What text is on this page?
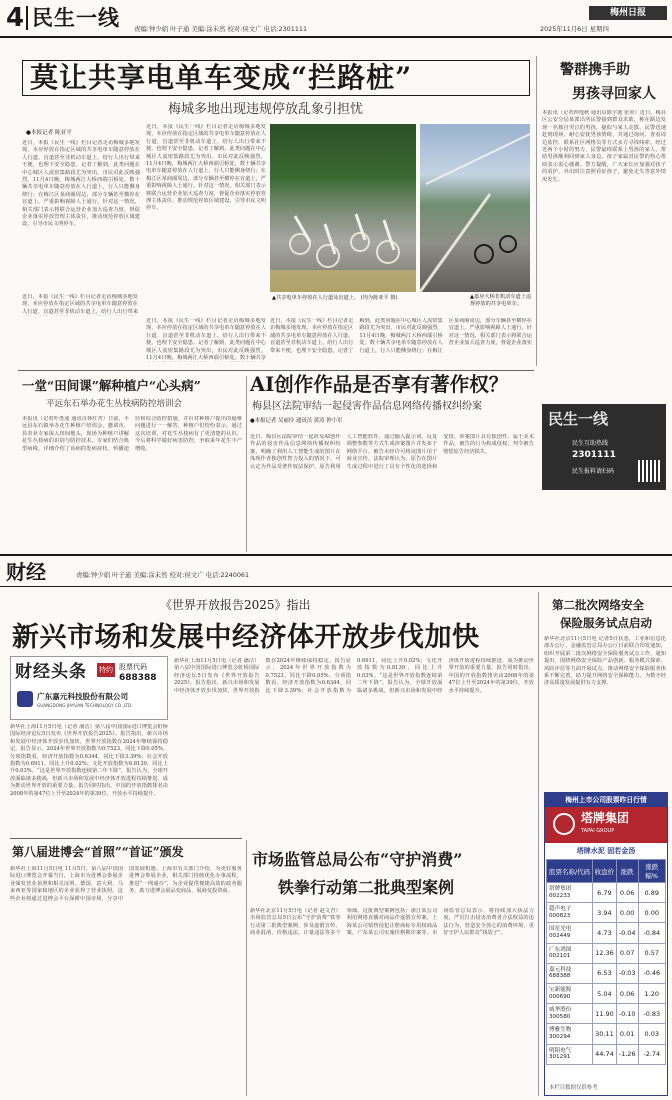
4 民生一线 责编:钟少娟 叶子通 美编:涂未然 校对:侯文广 电话:2301111	2025年11月6日 星期四
梅州日报
莫让共享电单车变成“拦路桩”
梅城多地出现违规停放乱象引担忧
●本报记者 陈亚平
近日，本报《民生一线》栏目记者走访梅城多地发现，本应停放在指定区域的共享电单车随意停放在人行道、盲道甚至非机动车道上，给行人出行带来不便，也埋下安全隐患。记者了解到，此类问题在中心城区人流密集路段尤为突出，市民对此反映强烈。11月4日晚，梅城两江大桥西端引桥处，数十辆共享电单车随意停放在人行道上，行人只能侧身绕行；在梅江区某商圈周边，部分车辆甚至横停在盲道上，严重影响视障人士通行。针对这一情况，相关部门表示将联合运营企业加大巡查力度，督促企业落实停放管理主体责任，推动规范停放区域建设，引导市民文明停车。
近日，本报《民生一线》栏目记者走访梅城多地发现，本应停放在指定区域的共享电单车随意停放在人行道、盲道甚至非机动车道上，给行人出行带来不便，也埋下安全隐患。记者了解到，此类问题在中心城区人流密集路段尤为突出，市民对此反映强烈。11月4日晚，梅城两江大桥西端引桥处，数十辆共享电单车随意停放在人行道上，行人只能侧身绕行；在梅江区某商圈周边，部分车辆甚至横停在盲道上，严重影响视障人士通行。针对这一情况，相关部门表示将联合运营企业加大巡查力度，督促企业落实停放管理主体责任，推动规范停放区域建设，引导市民文明停车。
近日，本报《民生一线》栏目记者走访梅城多地发现，本应停放在指定区域的共享电单车随意停放在人行道、盲道甚至非机动车道上，给行人出行带来
▲共享电单车停放在人行道及盲道上。 (均为陈亚平 摄)	▲嘉应大桥非机动车道上违规停放的共享电单车。
近日，本报《民生一线》栏目记者走访梅城多地发现，本应停放在指定区域的共享电单车随意停放在人行道、盲道甚至非机动车道上，给行人出行带来不便，也埋下安全隐患。记者了解到，此类问题在中心城区人流密集路段尤为突出，市民对此反映强烈。11月4日晚，梅城两江大桥西端引桥处，数十辆共享电单车随意停放在人行道上，行人只能侧身绕行；在梅江区某商圈周边，部分车辆甚至横停在盲道上，严重影响视障人士通行。针对这一情况，相关部门表示将联合运营企业加大巡查力度，督促企业落实
近日，本报《民生一线》栏目记者走访梅城多地发现，本应停放在指定区域的共享电单车随意停放在人行道、盲道甚至非机动车道上，给行人出行带来不便，也埋下安全隐患。记者了解到，此类问题在中心城区人流密集路段尤为突出，市民对此反映强烈。11月4日晚，梅城两江大桥西端引桥处，数十辆共享
警群携手助
男孩寻回家人
本报讯（记者钟逸秋 通讯员陈宇迪 张彤）近日，梅县区公安分局某派出所民警接到群众求助，称在路边发现一名独自哭泣的男孩，疑似与家人走散。民警迅速赶到现场，耐心安抚男孩情绪，并通过询问、查看周边监控、联系社区网格员等方式多方寻找线索。经过近两个小时的努力，民警最终联系上男孩的家人，帮助男孩顺利回到家人身边。孩子家属对民警的热心帮助表示衷心感谢。警方提醒，广大家长应加强对孩子的看护，外出时注意照看好孩子，避免走失等意外情况发生。
民生一线
民生互助热线
2301111
民生报料请扫码
一堂“田间课”解种植户“心头病”
平远东石举办花生丛枝病防控培训会
本报讯（记者叶勇通 通讯员林红青）日前，平远县东石镇举办花生种植户培训会，邀请市、县农业专家深入田间地头，现场为种植户讲解花生丛枝病的识别与防控技术。专家们结合典型病株，详细介绍了该病的发病症状、传播途径和综合防控措施，并针对种植户提出的疑难问题进行一一解答。种植户们纷纷表示，通过这次培训，对花生丛枝病有了更清楚的认识，今后将科学做好病害防控，争取来年花生丰产增收。
AI创作作品是否享有著作权？
梅县区法院审结一起侵害作品信息网络传播权纠纷案
●本报记者 吴丽玲 通讯员 黄涛 钟小军
近日，梅县区法院审结一起涉及AI创作作品的侵害作品信息网络传播权纠纷案，明确了利用人工智能生成的图片在体现作者独创性智力投入的情况下，可认定为作品受著作权法保护。原告利用人工智能软件，通过输入提示词、反复调整参数等方式生成涉案图片并发布于网络平台。被告未经许可将该图片用于商业宣传。法院审理认为，原告在图片生成过程中进行了具有个性化的选择和安排，涉案图片具有独创性，属于美术作品，被告的行为构成侵权，判令被告赔偿原告经济损失。
财经	责编:钟少娟 叶子通 美编:涂未然 校对:侯文广 电话:2240061
《世界开放报告2025》指出
新兴市场和发展中经济体开放步伐加快
财经头条 特约 股票代码
688388
广东嘉元科技股份有限公司
GUANGDONG JIAYUAN TECHNOLOGY CO.,LTD.
新华社上海11月5日电（记者 潘洁）第八届中国国际进口博览会虹桥国际经济论坛5日发布《世界开放报告2025》。报告指出，新兴市场和发展中经济体开放步伐加快，世界开放指数在2024年继续保持稳定。报告显示，2024年世界开放指数为0.7523，同比下降0.05%。分项指数看，经济开放指数为0.6344，同比下降3.39%；社会开放指数为0.6911，同比上升0.02%；文化开放指数为0.8139，同比上升0.03%。“这是世界开放指数连续第二年下降”，报告认为，全球开放面临诸多挑战，但新兴市场和发展中经济体开放进程持续推进，成为推动世界开放的重要力量。报告同时指出，中国的开放指数排名由2008年的第47位上升至2024年的第39位，开放水平持续提升。
新华社上海11月5日电（记者 潘洁）第八届中国国际进口博览会虹桥国际经济论坛5日发布《世界开放报告2025》。报告指出，新兴市场和发展中经济体开放步伐加快，世界开放指数在2024年继续保持稳定。报告显示，2024年世界开放指数为0.7523，同比下降0.05%。分项指数看，经济开放指数为0.6344，同比下降3.39%；社会开放指数为0.6911，同比上升0.02%；文化开放指数为0.8139，同比上升0.03%。“这是世界开放指数连续第二年下降”，报告认为，全球开放面临诸多挑战，但新兴市场和发展中经济体开放进程持续推进，成为推动世界开放的重要力量。报告同时指出，中国的开放指数排名由2008年的第47位上升至2024年的第39位，开放水平持续提升。
第八届进博会“首照”“首证”颁发
新华社上海11月5日电 11月5日，第八届中国国际进口博览会开幕当日，上海市为进博会参展企业颁发营业执照和相关证照。德国、意大利、马来西亚等国家和地区的企业获得了营业执照。这些企业将通过进博会平台深耕中国市场，分享中国发展机遇。上海市有关部门介绍，为更好服务进博会参展企业，相关部门持续优化办事流程，推进“一网通办”，为企业提供便捷高效的政务服务，助力进博会展品变商品、展商变投资商。
市场监管总局公布“守护消费”
铁拳行动第二批典型案例
新华社北京11月5日电（记者 赵文君）市场监管总局5日公布“守护消费”铁拳行动第二批典型案例，涉及虚假宣传、商业混淆、价格违法、计量违法等多个领域。这批典型案例包括：浙江某公司利用网络直播对商品作虚假宣传案，上海某公司销售侵犯注册商标专用权商品案，广东某公司实施价格欺诈案等。市场监管总局表示，将持续加大执法力度，严厉打击侵害消费者合法权益的违法行为，营造安全放心的消费环境，更好守护人民群众“钱袋子”。
第二批次网络安全
保险服务试点启动
新华社北京11月5日电 记者5日获悉，工业和信息化部办公厅、金融监管总局办公厅日前联合印发通知，组织开展第二批次网络安全保险服务试点工作。通知提出，围绕网络安全保险产品创新、服务模式探索、风险评估等方面开展试点，推动网络安全保险服务体系不断完善，助力提升网络安全保障能力，为数字经济高质量发展提供有力支撑。
梅州上市公司股票昨日行情
塔牌集团
TAPAI GROUP
塔牌水泥 固若金汤
股票名称/代码	收盘价	涨跌	涨跌幅%
塔牌集团 002233	6.79	0.06	0.89
超声电子 000823	3.94	0.00	0.00
国星光电 002449	4.73	-0.04	-0.84
广东鸿图 002101	12.36	0.07	0.57
嘉元科技 688388	6.53	-0.03	-0.46
宝新能源 000690	5.04	0.06	1.20
威华股份 300580	11.90	-0.10	-0.83
博雅生物 300294	30.11	0.01	0.03
明阳电气 301291	44.74	-1.26	-2.74
本栏目数据仅供参考
